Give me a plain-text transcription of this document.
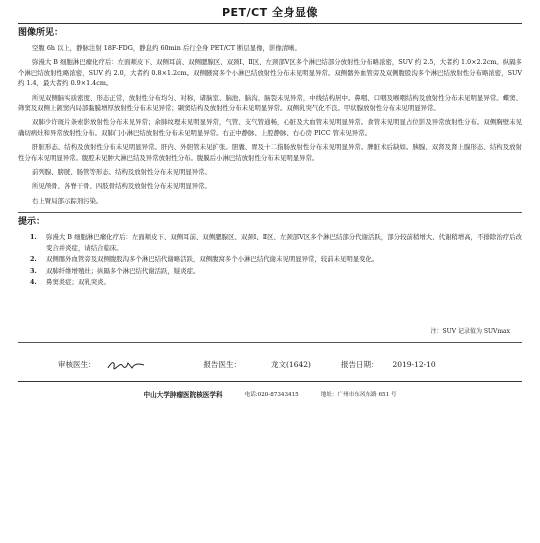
PET/CT 全身显像
图像所见：

空腹 6h 以上，静脉注射 18F-FDG，静息约 60min 后行全身 PET/CT 断层显像，影像清晰。

弥漫大 B 细胞淋巴瘤化疗后：左面颊皮下、双侧耳前、双侧腮腺区、双颈Ⅰ、Ⅱ区、左颈部Ⅴ区多个淋巴结部分放射性分布略浓密，SUV 约 2.5，大者约 1.0×2.2cm。纵隔多个淋巴结放射性略浓密，SUV 约 2.0，大者约 0.8×1.2cm。双侧腋窝多个小淋巴结放射性分布未见明显异常。双侧髂外血管旁及双侧腹股沟多个淋巴结放射性分布略浓密，SUV 约 1.4，最大者约 0.9×1.4cm。

所见双侧脑实质密度、形态正常，放射性分布均匀、对称，诸脑室、脑池、脑沟、脑裂未见异常，中线结构居中。鼻咽、口咽及喉咽结构及放射性分布未见明显异常。蝶窦、筛窦及双侧上颌窦内局部黏膜增厚放射性分布未见异常；颞窦结构及放射性分布未见明显异常。双侧乳突气化不良。甲状腺放射性分布未见明显异常。

双肺少许斑片条索影放射性分布未见异常；余肺纹理未见明显异常，气管、支气管通畅，心脏及大血管未见明显异常。食管未见明显占位影及异常放射性分布。双侧胸壁未见确切病灶和异常放射性分布。双肺门小淋巴结放射性分布未见明显异常。右正中静脉、上腔静脉、右心房 PICC 管未见异常。

肝脏形态、结构及放射性分布未见明显异常。肝内、外胆管未见扩张。胆囊、胃及十二指肠放射性分布未见明显异常。脾脏术后缺如。胰腺、双肾及肾上腺形态、结构及放射性分布未见明显异常。腹腔未见肿大淋巴结及异常放射性分布。腹膜后小淋巴结放射性分布未见明显异常。

前列腺、膀胱、肠管等形态、结构及放射性分布未见明显异常。

所见颅骨、各脊干骨、四肢骨结构及放射性分布未见明显异常。

右上臂局部示踪剂污染。

提示：
1.	弥漫大 B 细胞淋巴瘤化疗后：左面颊皮下、双侧耳前、双侧腮腺区、双颈Ⅰ、Ⅱ区、左颈部Ⅴ区多个淋巴结部分代谢活跃，部分较前稍增大、代谢稍增高，不排除治疗后改变合并炎症，请结合临床。
2.	双侧髂外血管旁及双侧腹股沟多个淋巴结代谢略活跃，双侧腹窝多个小淋巴结代谢未见明显异常，较前未见明显变化。
3.	双肺纤维增殖灶；纵隔多个淋巴结代谢活跃，疑炎症。
4.	鼻窦炎症；双乳突炎。
注：SUV 记录值为 SUVmax
审核医生：	报告医生：	龙文(1642)	报告日期： 2019-12-10
中山大学肿瘤医院核医学科	电话:020-87343415	地址：广州市东风东路 651 号
